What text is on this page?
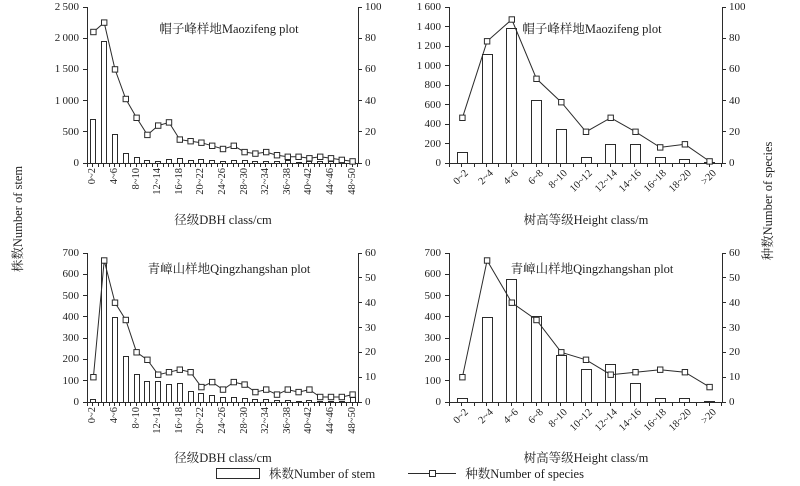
株数Number of stem	种数Number of species
帽子峰样地Maozifeng plot
径级DBH class/cm
0
500
1 000
1 500
2 000
2 500
0
20
40
60
80
100
0~2 4~6 8~10 12~14 16~18 20~22 24~26 28~30 32~34 36~38 40~42 44~46 48~50
帽子峰样地Maozifeng plot
树高等级Height class/m
0
200
400
600
800
1 000
1 200
1 400
1 600
0
20
40
60
80
100
0~2 2~4 4~6 6~8 8~10
10~12
12~14
14~16
16~18
18~20 >20
青嶂山样地Qingzhangshan plot
径级DBH class/cm
0
100
200
300
400
500
600
700
0
10
20
30
40
50
60
0~2 4~6 8~10 12~14 16~18 20~22 24~26 28~30 32~34 36~38 40~42 44~46 48~50
青嶂山样地Qingzhangshan plot
树高等级Height class/m
0
100
200
300
400
500
600
700
0
10
20
30
40
50
60
0~2 2~4 4~6 6~8 8~10
10~12
12~14
14~16
16~18
18~20 >20
株数Number of stem	种数Number of species
